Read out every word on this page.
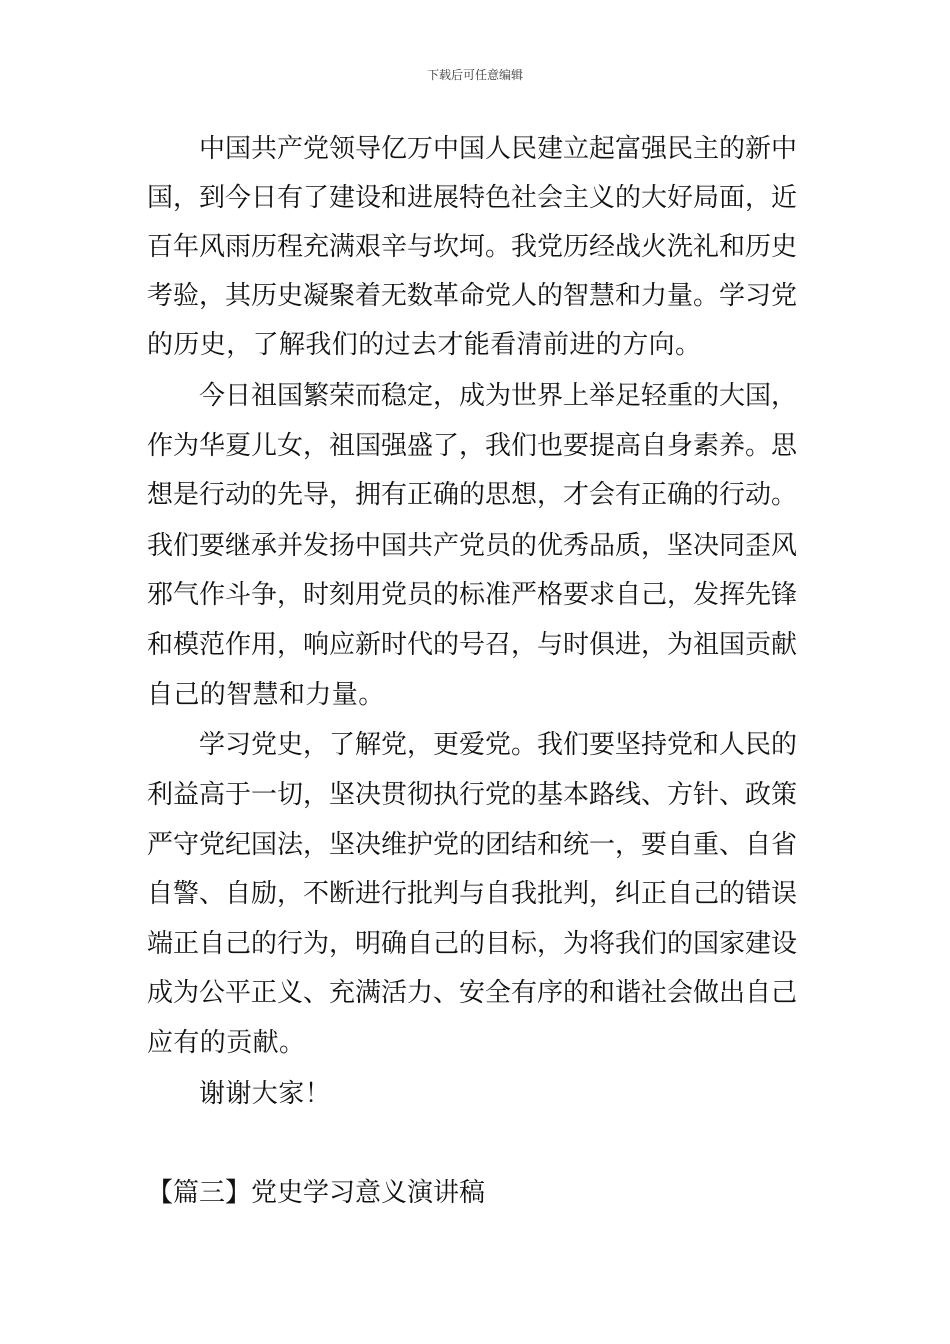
下载后可任意编辑
中国共产党领导亿万中国人民建立起富强民主的新中
国，到今日有了建设和进展特色社会主义的大好局面，近
百年风雨历程充满艰辛与坎坷。我党历经战火洗礼和历史
考验，其历史凝聚着无数革命党人的智慧和力量。学习党
的历史，了解我们的过去才能看清前进的方向。
今日祖国繁荣而稳定，成为世界上举足轻重的大国，
作为华夏儿女，祖国强盛了，我们也要提高自身素养。思
想是行动的先导，拥有正确的思想，才会有正确的行动。
我们要继承并发扬中国共产党员的优秀品质，坚决同歪风
邪气作斗争，时刻用党员的标准严格要求自己，发挥先锋
和模范作用，响应新时代的号召，与时俱进，为祖国贡献
自己的智慧和力量。
学习党史，了解党，更爱党。我们要坚持党和人民的
利益高于一切，坚决贯彻执行党的基本路线、方针、政策
严守党纪国法，坚决维护党的团结和统一，要自重、自省
自警、自励，不断进行批判与自我批判，纠正自己的错误
端正自己的行为，明确自己的目标，为将我们的国家建设
成为公平正义、充满活力、安全有序的和谐社会做出自己
应有的贡献。
谢谢大家！
【篇三】党史学习意义演讲稿
